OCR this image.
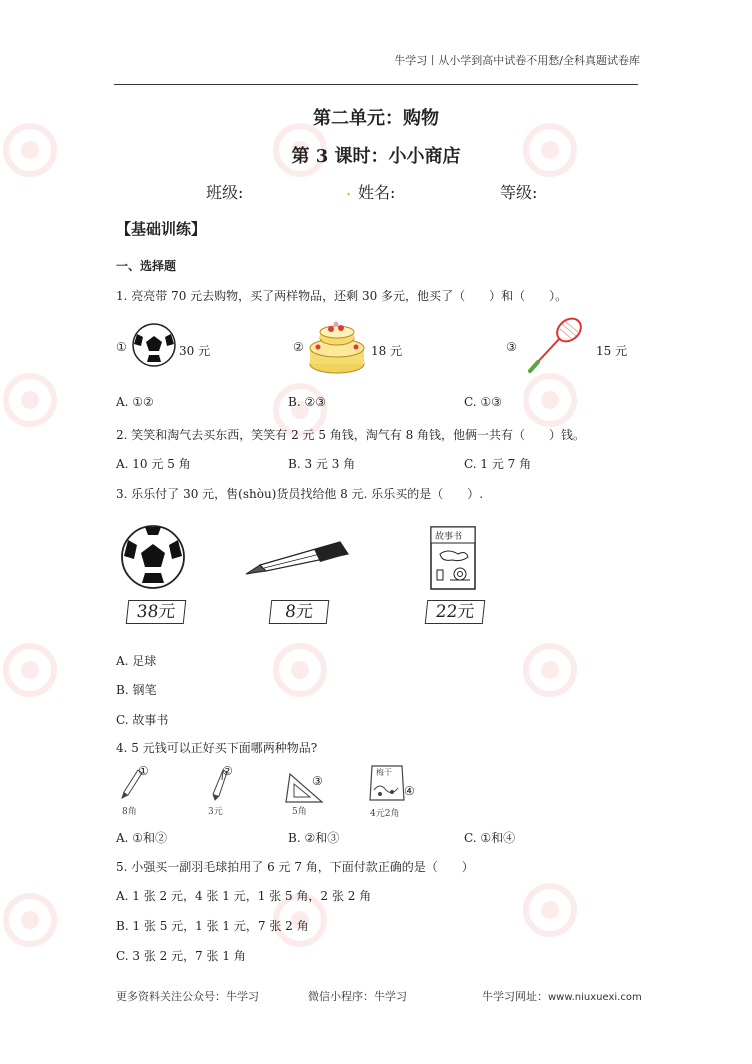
牛学习丨从小学到高中试卷不用愁/全科真题试卷库
第二单元：购物
第 3 课时：小小商店
班级:	. 姓名:	等级:
【基础训练】
一、选择题
1. 亮亮带 70 元去购物，买了两样物品，还剩 30 多元，他买了（　　）和（　　）。
①	30 元	②	18 元	③	15 元
A. ①②	B. ②③	C. ①③
2. 笑笑和淘气去买东西，笑笑有 2 元 5 角钱，淘气有 8 角钱，他俩一共有（　　）钱。
A. 10 元 5 角	B. 3 元 3 角	C. 1 元 7 角
3. 乐乐付了 30 元，售(shòu)货员找给他 8 元. 乐乐买的是（　　）.
38元	8元
故事书
22元
A. 足球
B. 钢笔
C. 故事书
4. 5 元钱可以正好买下面哪两种物品?
①
8角
②
3元
③
5角
梅干
④
4元2角
A. ①和②	B. ②和③	C. ①和④
5. 小强买一副羽毛球拍用了 6 元 7 角，下面付款正确的是（　　）
A. 1 张 2 元，4 张 1 元，1 张 5 角，2 张 2 角
B. 1 张 5 元，1 张 1 元，7 张 2 角
C. 3 张 2 元，7 张 1 角
更多资料关注公众号：牛学习	微信小程序：牛学习	牛学习网址：www.niuxuexi.com
